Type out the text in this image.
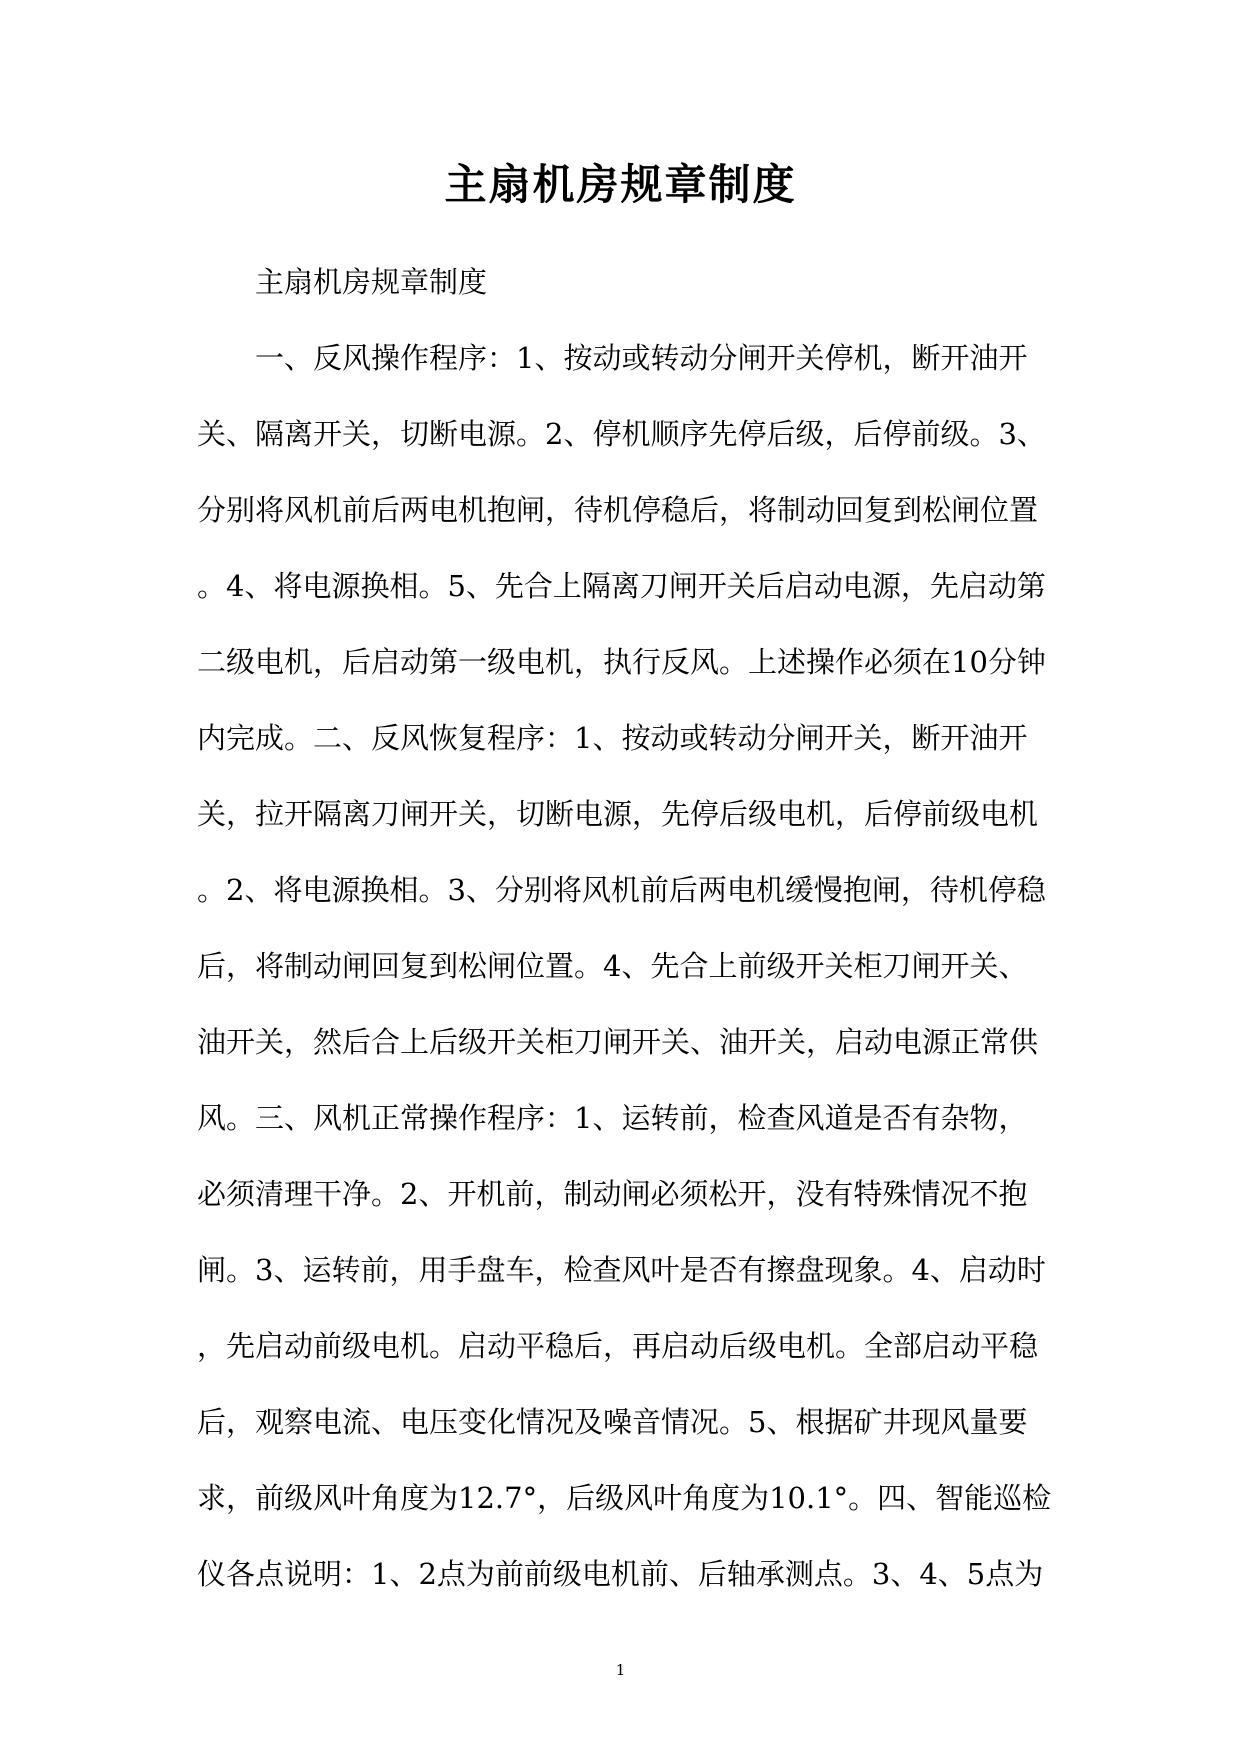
主扇机房规章制度
主扇机房规章制度
一、反风操作程序：1、按动或转动分闸开关停机，断开油开
关、隔离开关，切断电源。2、停机顺序先停后级，后停前级。3、
分别将风机前后两电机抱闸，待机停稳后，将制动回复到松闸位置
。4、将电源换相。5、先合上隔离刀闸开关后启动电源，先启动第
二级电机，后启动第一级电机，执行反风。上述操作必须在10分钟
内完成。二、反风恢复程序：1、按动或转动分闸开关，断开油开
关，拉开隔离刀闸开关，切断电源，先停后级电机，后停前级电机
。2、将电源换相。3、分别将风机前后两电机缓慢抱闸，待机停稳
后，将制动闸回复到松闸位置。4、先合上前级开关柜刀闸开关、
油开关，然后合上后级开关柜刀闸开关、油开关，启动电源正常供
风。三、风机正常操作程序：1、运转前，检查风道是否有杂物，
必须清理干净。2、开机前，制动闸必须松开，没有特殊情况不抱
闸。3、运转前，用手盘车，检查风叶是否有擦盘现象。4、启动时
，先启动前级电机。启动平稳后，再启动后级电机。全部启动平稳
后，观察电流、电压变化情况及噪音情况。5、根据矿井现风量要
求，前级风叶角度为12.7°，后级风叶角度为10.1°。四、智能巡检
仪各点说明：1、2点为前前级电机前、后轴承测点。3、4、5点为
1
